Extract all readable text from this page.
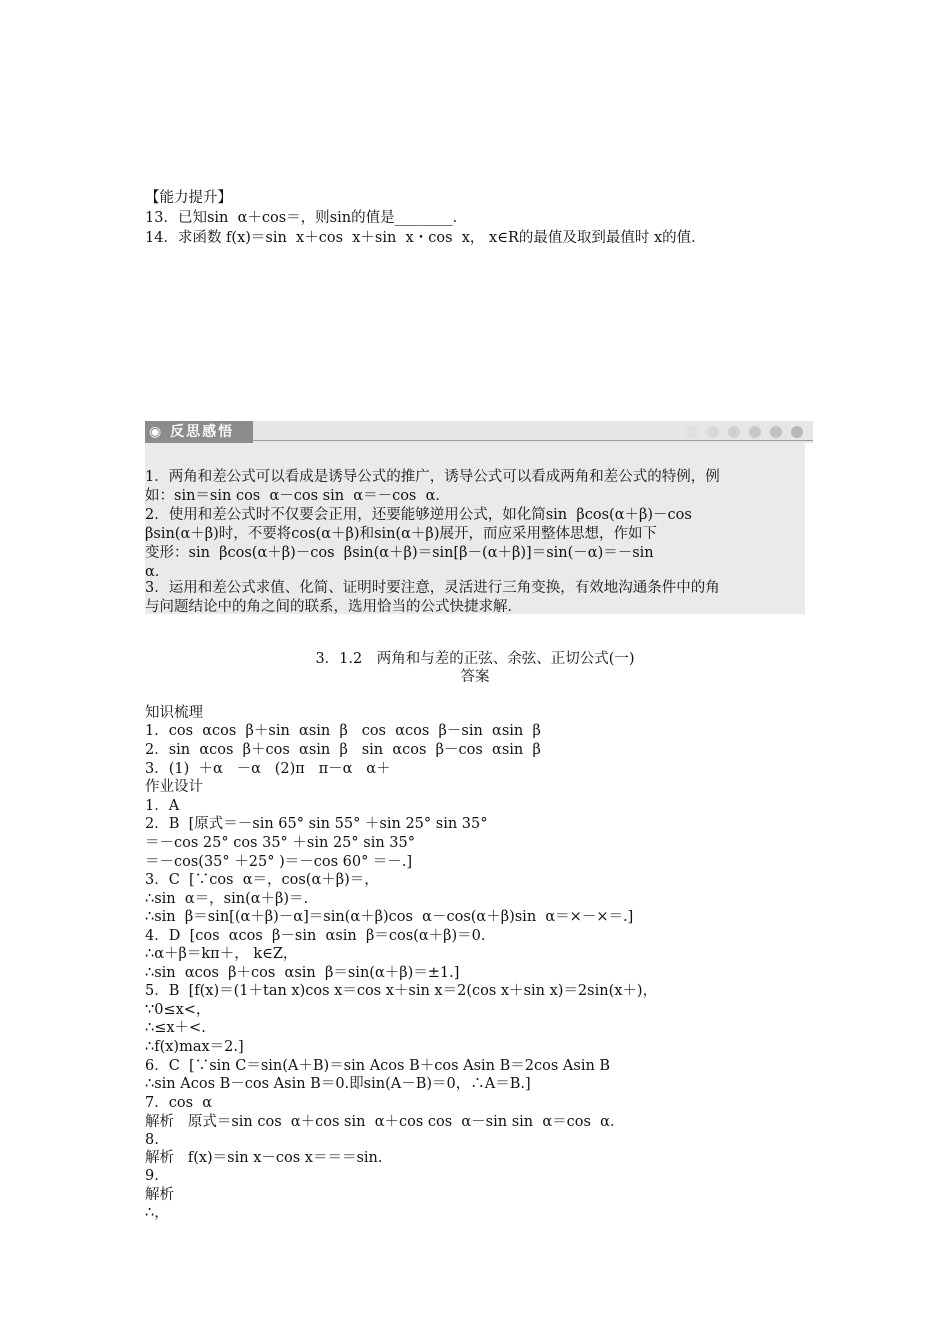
【能力提升】

13．已知sin  α＋cos＝，则sin的值是________．

14．求函数 f(x)＝sin  x＋cos  x＋sin  x・cos  x， x∈R的最值及取到最值时 x的值．

◉ 反思感悟

1．两角和差公式可以看成是诱导公式的推广，诱导公式可以看成两角和差公式的特例，例

如：sin＝sin cos  α－cos sin  α＝－cos  α．

2．使用和差公式时不仅要会正用，还要能够逆用公式，如化简sin  βcos(α＋β)－cos

βsin(α＋β)时，不要将cos(α＋β)和sin(α＋β)展开，而应采用整体思想，作如下

变形：sin  βcos(α＋β)－cos  βsin(α＋β)＝sin[β－(α＋β)]＝sin(－α)＝－sin

α．

3．运用和差公式求值、化简、证明时要注意，灵活进行三角变换，有效地沟通条件中的角

与问题结论中的角之间的联系，选用恰当的公式快捷求解．

3．1.2　两角和与差的正弦、余弦、正切公式(一)

答案

知识梳理

1．cos  αcos  β＋sin  αsin  β   cos  αcos  β－sin  αsin  β

2．sin  αcos  β＋cos  αsin  β   sin  αcos  β－cos  αsin  β

3．(1)  ＋α   －α   (2)π   π－α   α＋

作业设计

1．A

2．B  [原式＝－sin 65° sin 55° ＋sin 25° sin 35°

＝－cos 25° cos 35° ＋sin 25° sin 35°

＝－cos(35° ＋25° )＝－cos 60° ＝－.]

3．C  [∵cos  α＝，cos(α＋β)＝，

∴sin  α＝，sin(α＋β)＝.

∴sin  β＝sin[(α＋β)－α]＝sin(α＋β)cos  α－cos(α＋β)sin  α＝×－×＝.]

4．D  [cos  αcos  β－sin  αsin  β＝cos(α＋β)＝0.

∴α＋β＝kπ＋， k∈Z，

∴sin  αcos  β＋cos  αsin  β＝sin(α＋β)＝±1.]

5．B  [f(x)＝(1＋tan x)cos x＝cos x＋sin x＝2(cos x＋sin x)＝2sin(x＋)，

∵0≤x<，

∴≤x＋<.

∴f(x)max＝2.]

6．C  [∵sin C＝sin(A＋B)＝sin Acos B＋cos Asin B＝2cos Asin B

∴sin Acos B－cos Asin B＝0.即sin(A－B)＝0，∴A＝B.]

7．cos  α

解析   原式＝sin cos  α＋cos sin  α＋cos cos  α－sin sin  α＝cos  α．

8.

解析   f(x)＝sin x－cos x＝＝＝sin.

9.

解析

∴，
